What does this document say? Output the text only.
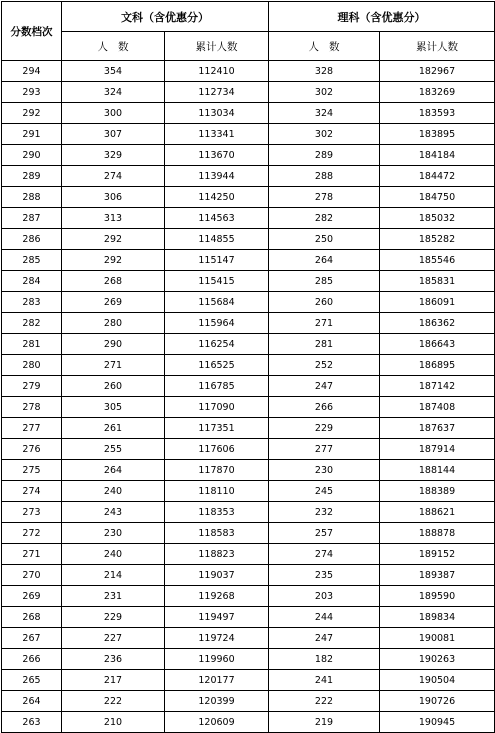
分数档次	文科（含优惠分）		理科（含优惠分）	
	人数	累计人数	人数	累计人数
294	354	112410	328	182967
293	324	112734	302	183269
292	300	113034	324	183593
291	307	113341	302	183895
290	329	113670	289	184184
289	274	113944	288	184472
288	306	114250	278	184750
287	313	114563	282	185032
286	292	114855	250	185282
285	292	115147	264	185546
284	268	115415	285	185831
283	269	115684	260	186091
282	280	115964	271	186362
281	290	116254	281	186643
280	271	116525	252	186895
279	260	116785	247	187142
278	305	117090	266	187408
277	261	117351	229	187637
276	255	117606	277	187914
275	264	117870	230	188144
274	240	118110	245	188389
273	243	118353	232	188621
272	230	118583	257	188878
271	240	118823	274	189152
270	214	119037	235	189387
269	231	119268	203	189590
268	229	119497	244	189834
267	227	119724	247	190081
266	236	119960	182	190263
265	217	120177	241	190504
264	222	120399	222	190726
263	210	120609	219	190945
